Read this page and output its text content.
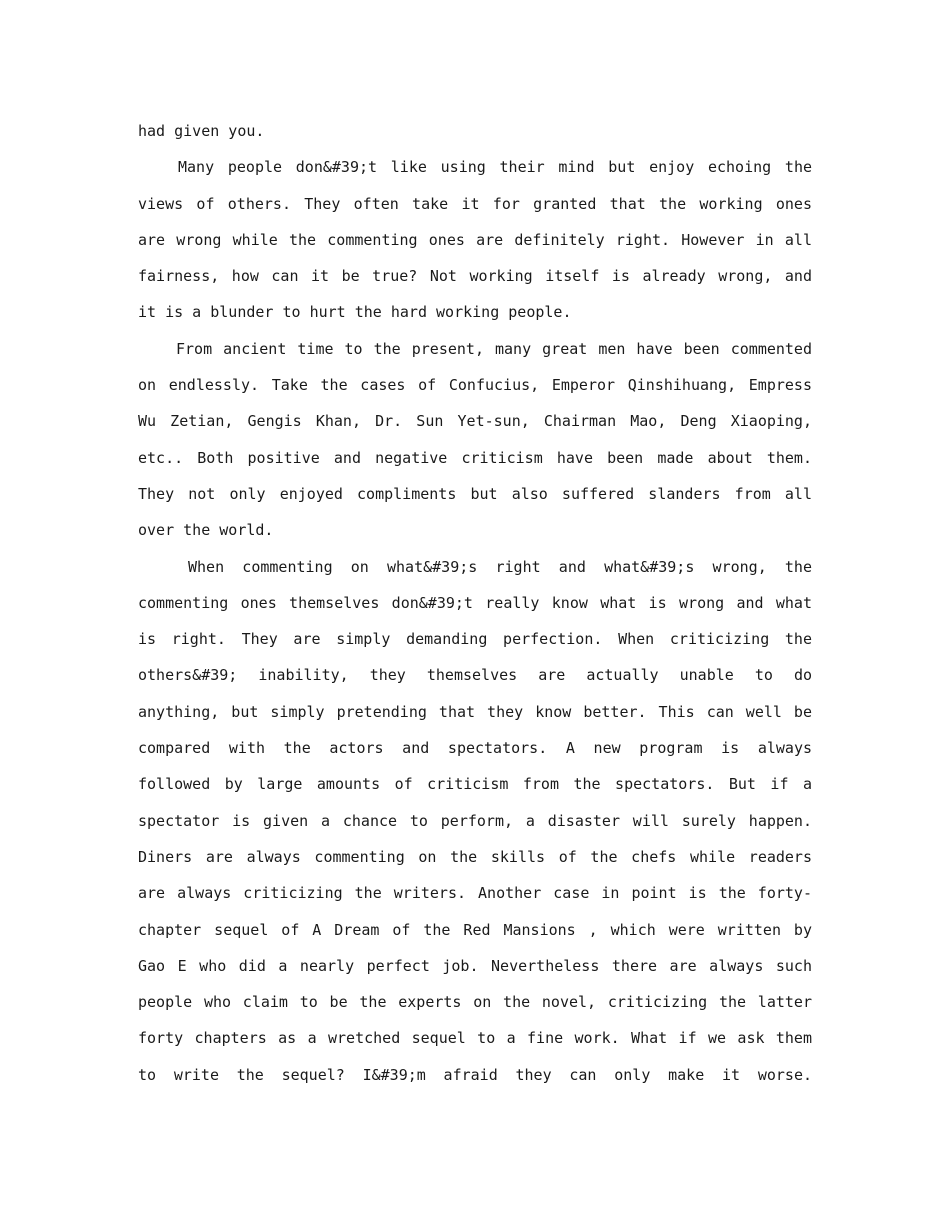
had given you.
Many people don&#39;t like using their mind but enjoy echoing the
views of others. They often take it for granted that the working ones
are wrong while the commenting ones are definitely right. However in all
fairness, how can it be true? Not working itself is already wrong, and
it is a blunder to hurt the hard working people.
From ancient time to the present, many great men have been commented
on endlessly. Take the cases of Confucius, Emperor Qinshihuang, Empress
Wu Zetian, Gengis Khan, Dr. Sun Yet-sun, Chairman Mao, Deng Xiaoping,
etc.. Both positive and negative criticism have been made about them.
They not only enjoyed compliments but also suffered slanders from all
over the world.
When commenting on what&#39;s right and what&#39;s wrong, the
commenting ones themselves don&#39;t really know what is wrong and what
is right. They are simply demanding perfection. When criticizing the
others&#39; inability, they themselves are actually unable to do
anything, but simply pretending that they know better. This can well be
compared with the actors and spectators. A new program is always
followed by large amounts of criticism from the spectators. But if a
spectator is given a chance to perform, a disaster will surely happen.
Diners are always commenting on the skills of the chefs while readers
are always criticizing the writers. Another case in point is the forty-
chapter sequel of A Dream of the Red Mansions , which were written by
Gao E who did a nearly perfect job. Nevertheless there are always such
people who claim to be the experts on the novel, criticizing the latter
forty chapters as a wretched sequel to a fine work. What if we ask them
to write the sequel? I&#39;m afraid they can only make it worse.
